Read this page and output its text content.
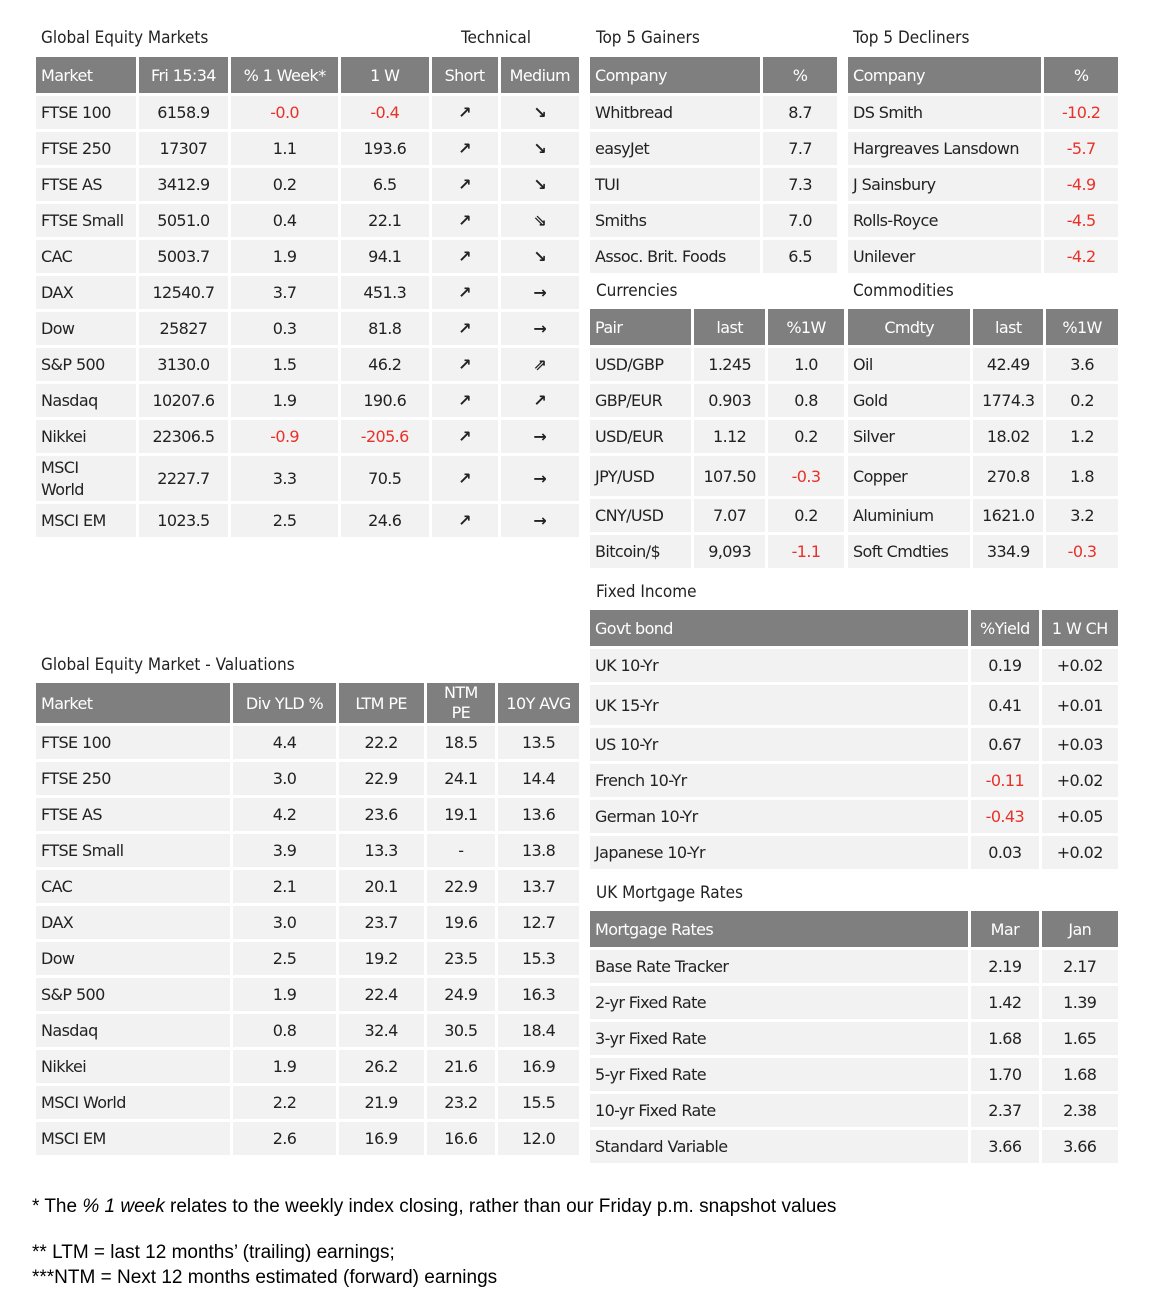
Global Equity Markets	Technical	Top 5 Gainers	Top 5 Decliners
Currencies	Commodities
Fixed Income
Global Equity Market - Valuations
UK Mortgage Rates
Market	Fri 15:34	% 1 Week*	1 W	Short	Medium
FTSE 100	6158.9	-0.0	-0.4	↗	↘
FTSE 250	17307	1.1	193.6	↗	↘
FTSE AS	3412.9	0.2	6.5	↗	↘
FTSE Small	5051.0	0.4	22.1	↗	⇘
CAC	5003.7	1.9	94.1	↗	↘
DAX	12540.7	3.7	451.3	↗	→
Dow	25827	0.3	81.8	↗	→
S&P 500	3130.0	1.5	46.2	↗	⇗
Nasdaq	10207.6	1.9	190.6	↗	↗
Nikkei	22306.5	-0.9	-205.6	↗	→
MSCI World	2227.7	3.3	70.5	↗	→
MSCI EM	1023.5	2.5	24.6	↗	→
Company	%
Whitbread	8.7
easyJet	7.7
TUI	7.3
Smiths	7.0
Assoc. Brit. Foods	6.5
Company	%
DS Smith	-10.2
Hargreaves Lansdown	-5.7
J Sainsbury	-4.9
Rolls-Royce	-4.5
Unilever	-4.2
Pair	last	%1W
USD/GBP	1.245	1.0
GBP/EUR	0.903	0.8
USD/EUR	1.12	0.2
JPY/USD	107.50	-0.3
CNY/USD	7.07	0.2
Bitcoin/$	9,093	-1.1
Cmdty	last	%1W
Oil	42.49	3.6
Gold	1774.3	0.2
Silver	18.02	1.2
Copper	270.8	1.8
Aluminium	1621.0	3.2
Soft Cmdties	334.9	-0.3
Govt bond	%Yield	1 W CH
UK 10-Yr	0.19	+0.02
UK 15-Yr	0.41	+0.01
US 10-Yr	0.67	+0.03
French 10-Yr	-0.11	+0.02
German 10-Yr	-0.43	+0.05
Japanese 10-Yr	0.03	+0.02
Market	Div YLD %	LTM PE	NTM PE	10Y AVG
FTSE 100	4.4	22.2	18.5	13.5
FTSE 250	3.0	22.9	24.1	14.4
FTSE AS	4.2	23.6	19.1	13.6
FTSE Small	3.9	13.3	-	13.8
CAC	2.1	20.1	22.9	13.7
DAX	3.0	23.7	19.6	12.7
Dow	2.5	19.2	23.5	15.3
S&P 500	1.9	22.4	24.9	16.3
Nasdaq	0.8	32.4	30.5	18.4
Nikkei	1.9	26.2	21.6	16.9
MSCI World	2.2	21.9	23.2	15.5
MSCI EM	2.6	16.9	16.6	12.0
Mortgage Rates	Mar	Jan
Base Rate Tracker	2.19	2.17
2-yr Fixed Rate	1.42	1.39
3-yr Fixed Rate	1.68	1.65
5-yr Fixed Rate	1.70	1.68
10-yr Fixed Rate	2.37	2.38
Standard Variable	3.66	3.66
* The % 1 week relates to the weekly index closing, rather than our Friday p.m. snapshot values
** LTM = last 12 months’ (trailing) earnings;
***NTM = Next 12 months estimated (forward) earnings
